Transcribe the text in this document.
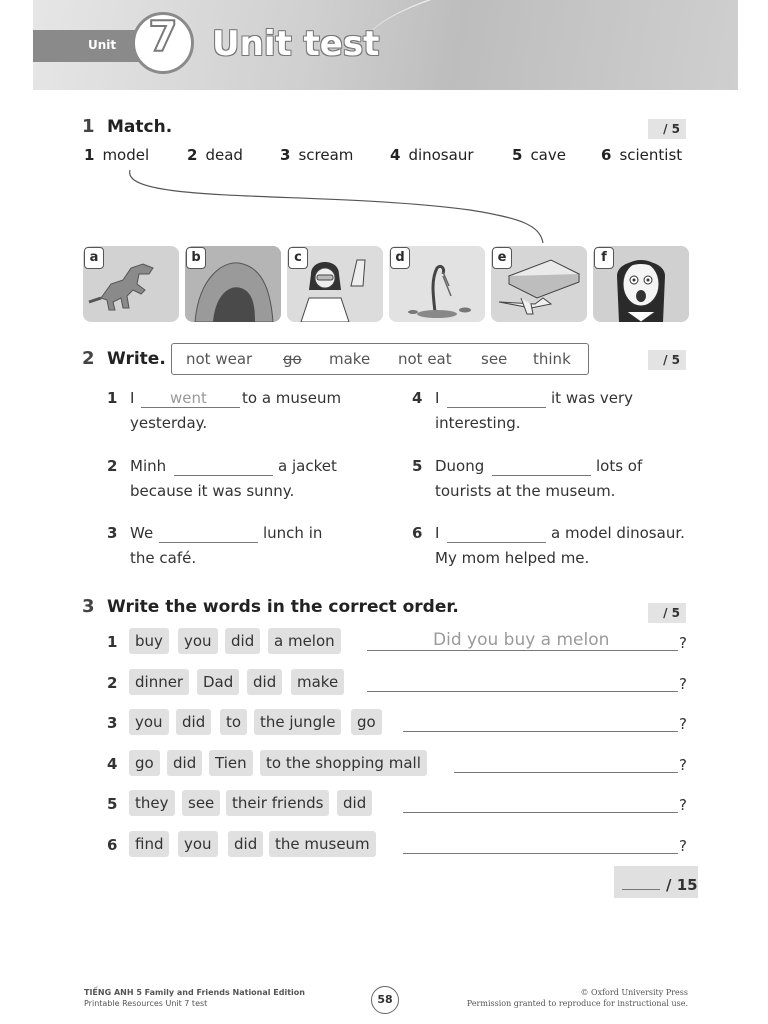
Unit 7	Unit test
1 Match.	/ 5
1 model	2 dead 3 scream 4 dinosaur	5 cave 6 scientist
a	b	c	d	e	f
2 Write.	/ 5
not wear go make not eat see think
1 I went to a museum
yesterday.
2 Minh	a jacket
because it was sunny.
3 We	lunch in
the café.
4 I	it was very
interesting.
5 Duong	lots of
tourists at the museum.
6 I	a model dinosaur.
My mom helped me.
3 Write the words in the correct order.	/ 5
1	buy	you	did	a melon	Did you buy a melon	?
2	dinner	Dad	did	make	?
3	you	did	to	the jungle	go	?
4	go	did	Tien	to the shopping mall	?
5	they	see	their friends	did	?
6	find	you	did	the museum	?
/ 15
TIẾNG ANH 5 Family and Friends National Edition
Printable Resources Unit 7 test	58
© Oxford University Press
Permission granted to reproduce for instructional use.
